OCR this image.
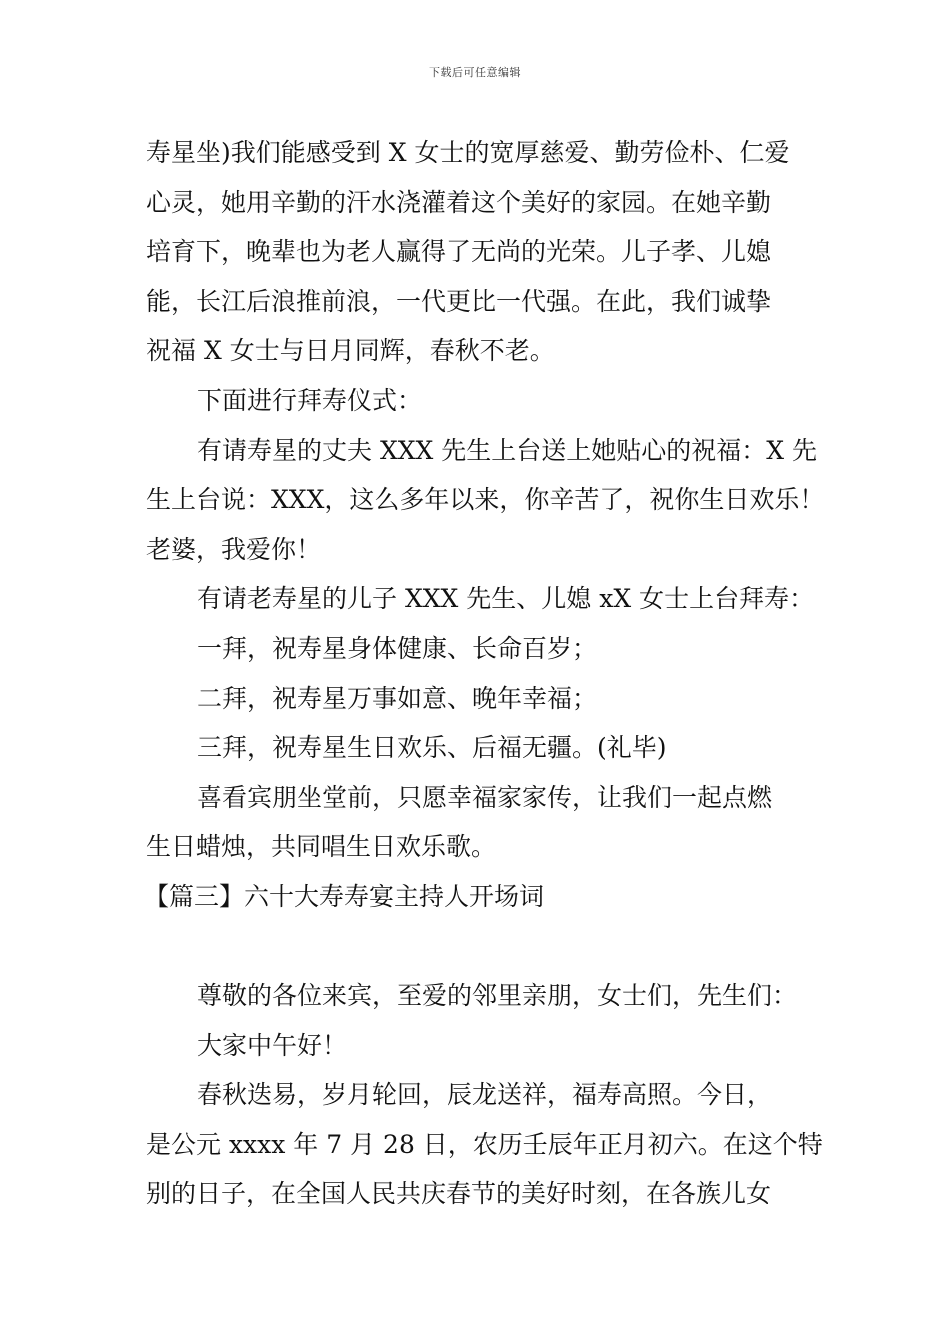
下载后可任意编辑
寿星坐)我们能感受到 X 女士的宽厚慈爱、勤劳俭朴、仁爱
心灵，她用辛勤的汗水浇灌着这个美好的家园。在她辛勤
培育下，晚辈也为老人赢得了无尚的光荣。儿子孝、儿媳
能，长江后浪推前浪，一代更比一代强。在此，我们诚挚
祝福 X 女士与日月同辉，春秋不老。
下面进行拜寿仪式：
有请寿星的丈夫 XXX 先生上台送上她贴心的祝福：X 先
生上台说：XXX，这么多年以来，你辛苦了，祝你生日欢乐！
老婆，我爱你！
有请老寿星的儿子 XXX 先生、儿媳 xX 女士上台拜寿：
一拜，祝寿星身体健康、长命百岁；
二拜，祝寿星万事如意、晚年幸福；
三拜，祝寿星生日欢乐、后福无疆。(礼毕)
喜看宾朋坐堂前，只愿幸福家家传，让我们一起点燃
生日蜡烛，共同唱生日欢乐歌。
【篇三】六十大寿寿宴主持人开场词
尊敬的各位来宾，至爱的邻里亲朋，女士们，先生们：
大家中午好！
春秋迭易，岁月轮回，辰龙送祥，福寿高照。今日，
是公元 xxxx 年 7 月 28 日，农历壬辰年正月初六。在这个特
别的日子，在全国人民共庆春节的美好时刻，在各族儿女
